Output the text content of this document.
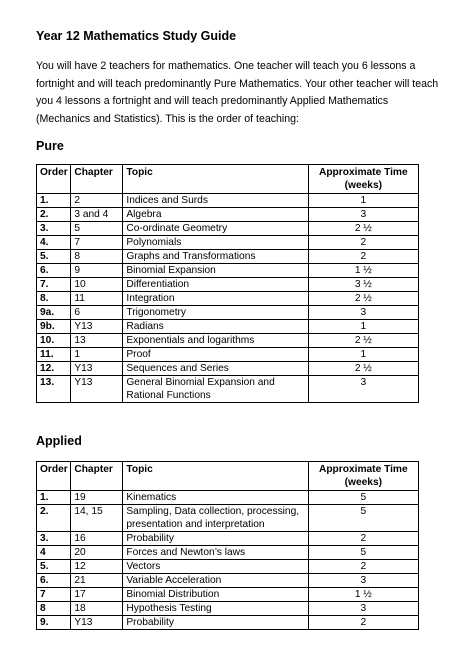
Year 12 Mathematics Study Guide

You will have 2 teachers for mathematics. One teacher will teach you 6 lessons a fortnight and will teach predominantly Pure Mathematics. Your other teacher will teach you 4 lessons a fortnight and will teach predominantly Applied Mathematics (Mechanics and Statistics). This is the order of teaching:

Pure

Order	Chapter	Topic	Approximate Time (weeks)
1.	2	Indices and Surds	1
2.	3 and 4	Algebra	3
3.	5	Co-ordinate Geometry	2 ½
4.	7	Polynomials	2
5.	8	Graphs and Transformations	2
6.	9	Binomial Expansion	1 ½
7.	10	Differentiation	3 ½
8.	11	Integration	2 ½
9a.	6	Trigonometry	3
9b.	Y13	Radians	1
10.	13	Exponentials and logarithms	2 ½
11.	1	Proof	1
12.	Y13	Sequences and Series	2 ½
13.	Y13	General Binomial Expansion and Rational Functions	3

Applied

Order	Chapter	Topic	Approximate Time (weeks)
1.	19	Kinematics	5
2.	14, 15	Sampling, Data collection, processing, presentation and interpretation	5
3.	16	Probability	2
4	20	Forces and Newton’s laws	5
5.	12	Vectors	2
6.	21	Variable Acceleration	3
7	17	Binomial Distribution	1 ½
8	18	Hypothesis Testing	3
9.	Y13	Probability	2
